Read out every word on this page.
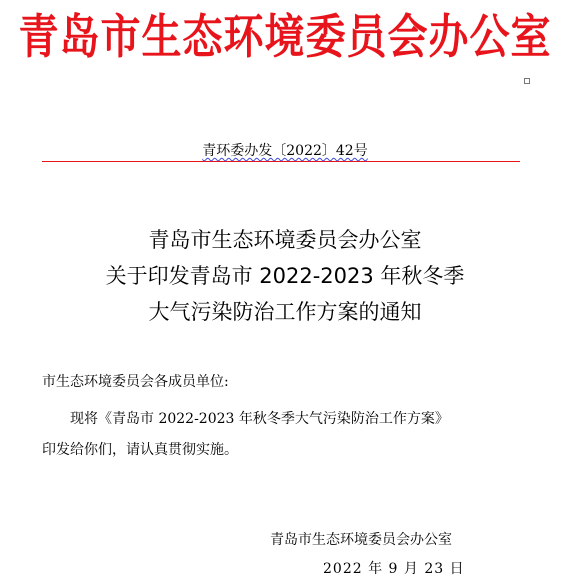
青岛市生态环境委员会办公室
青环委办发〔2022〕42号
青岛市生态环境委员会办公室
关于印发青岛市 2022-2023 年秋冬季
大气污染防治工作方案的通知
市生态环境委员会各成员单位:
现将《青岛市 2022-2023 年秋冬季大气污染防治工作方案》
印发给你们，请认真贯彻实施。
青岛市生态环境委员会办公室
2022 年 9 月 23 日
